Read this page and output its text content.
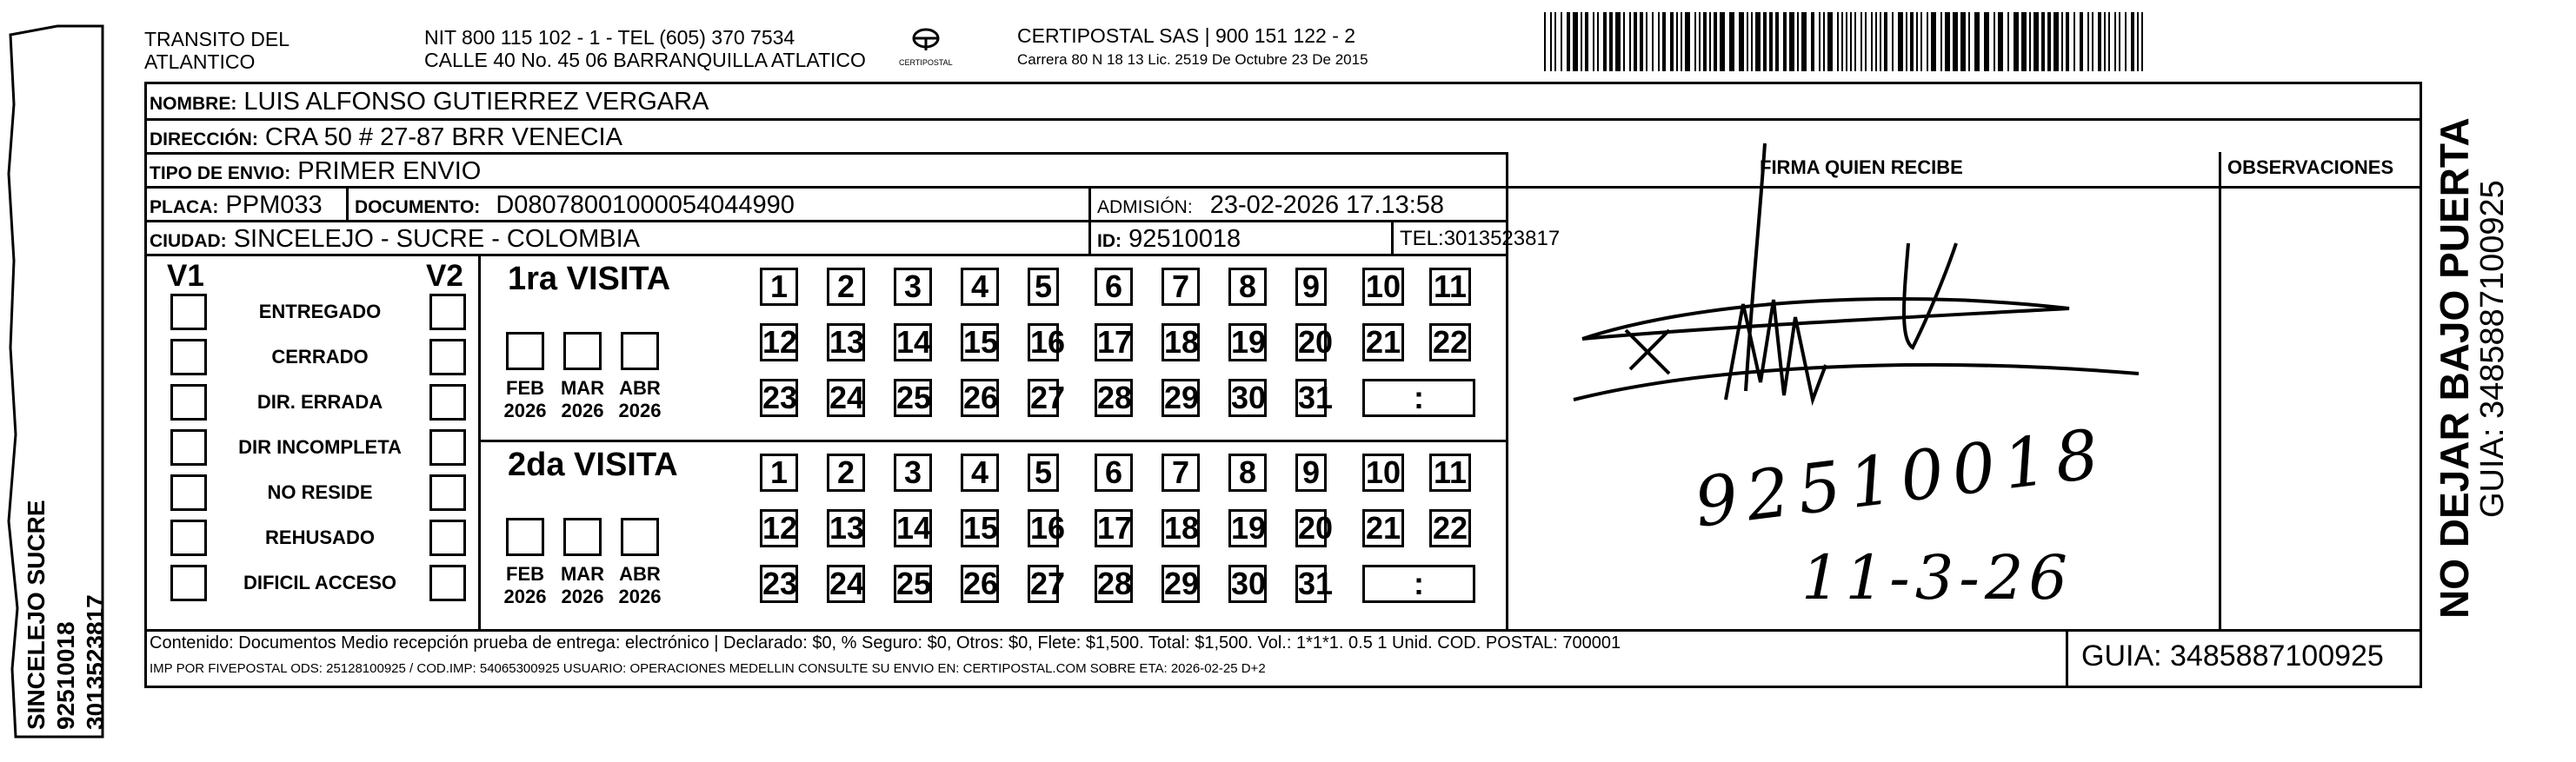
SINCELEJO SUCRE 92510018 3013523817
TRANSITO DEL
ATLANTICO
NIT 800 115 102 - 1 - TEL (605) 370 7534
CALLE 40 No. 45 06 BARRANQUILLA ATLATICO	CERTIPOSTAL
CERTIPOSTAL SAS | 900 151 122 - 2
Carrera 80 N 18 13 Lic. 2519 De Octubre 23 De 2015
NOMBRE: LUIS ALFONSO GUTIERREZ VERGARA
DIRECCIÓN: CRA 50 # 27-87 BRR VENECIA
TIPO DE ENVIO: PRIMER ENVIO
PLACA: PPM033 DOCUMENTO: D08078001000054044990	ADMISIÓN: 23-02-2026 17.13:58
CIUDAD: SINCELEJO - SUCRE - COLOMBIA	ID: 92510018	TEL:3013523817
FIRMA QUIEN RECIBE	OBSERVACIONES
V1	V2
ENTREGADO
CERRADO
DIR. ERRADA
DIR INCOMPLETA
NO RESIDE
REHUSADO
DIFICIL ACCESO
1ra VISITA
FEB
2026
MAR
2026
ABR
2026
1	2	3	4	5	6	7	8	9 10 11
12 13 14 15 16 17 18 19 20 21 22
23 24 25 26 27 28 29 30 31	:
2da VISITA
FEB
2026
MAR
2026
ABR
2026
1	2	3	4	5	6	7	8	9 10 11
12 13 14 15 16 17 18 19 20 21 22
23 24 25 26 27 28 29 30 31	:
92510018
11-3-26
Contenido: Documentos Medio recepción prueba de entrega: electrónico | Declarado: $0, % Seguro: $0, Otros: $0, Flete: $1,500. Total: $1,500. Vol.: 1*1*1. 0.5 1 Unid. COD. POSTAL: 700001
IMP POR FIVEPOSTAL ODS: 25128100925 / COD.IMP: 54065300925 USUARIO: OPERACIONES MEDELLIN CONSULTE SU ENVIO EN: CERTIPOSTAL.COM SOBRE ETA: 2026-02-25 D+2	GUIA: 3485887100925
NO DEJAR BAJO PUERTA
GUIA: 3485887100925
